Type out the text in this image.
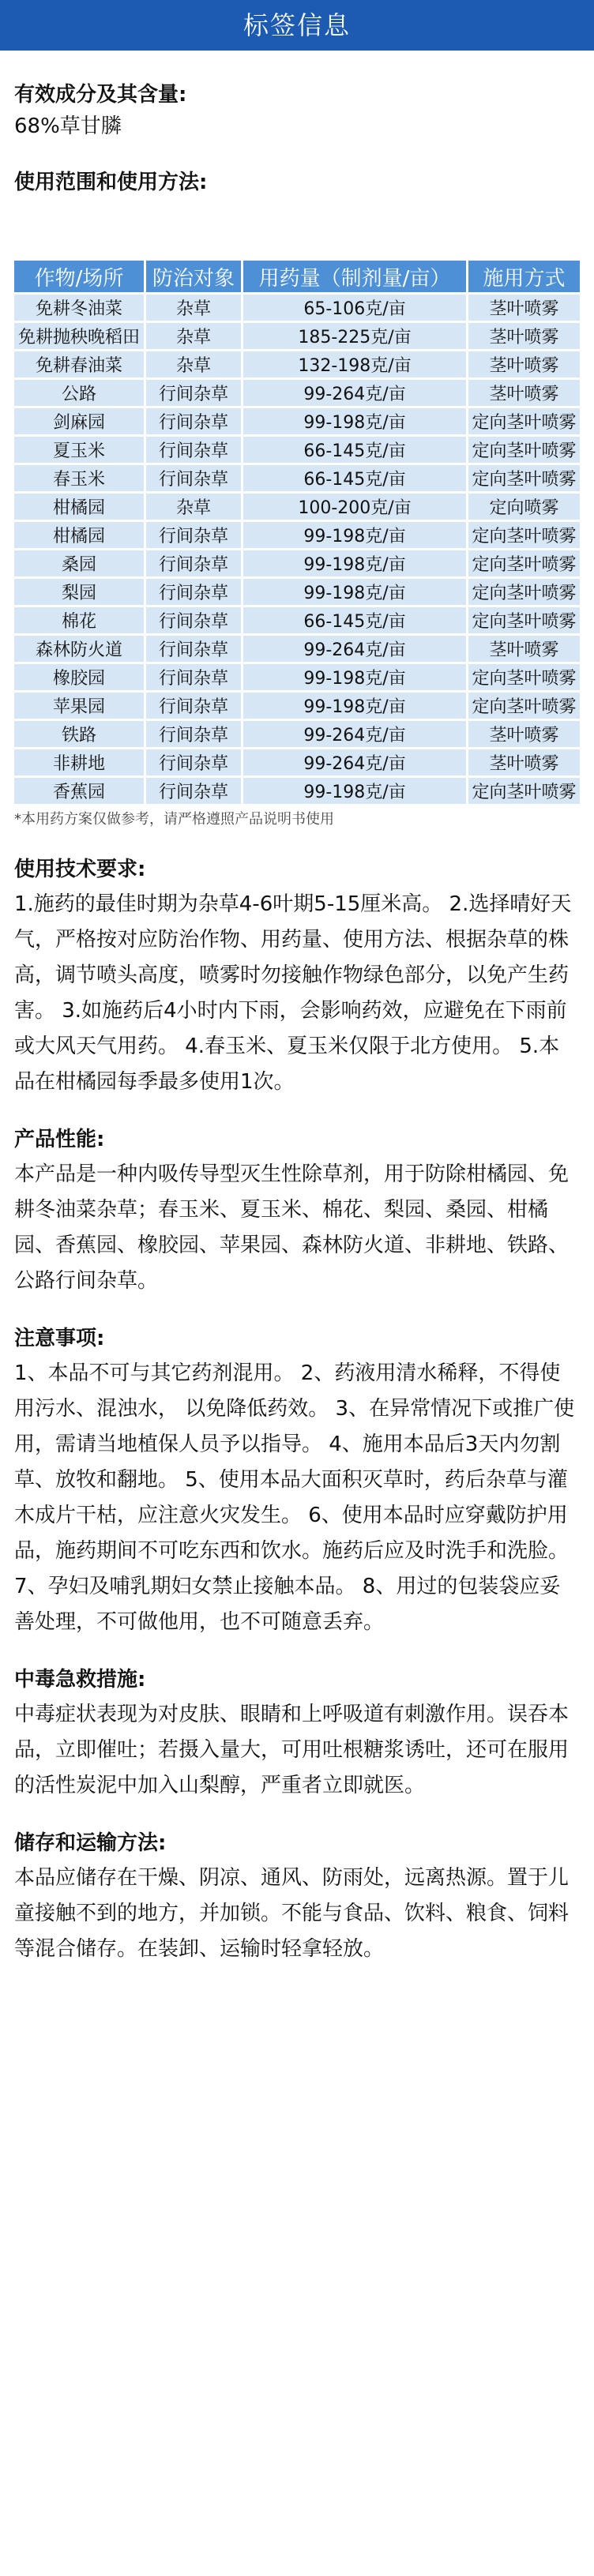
标签信息

有效成分及其含量:

68%草甘膦

使用范围和使用方法:

作物/场所	防治对象	用药量（制剂量/亩）	施用方式
免耕冬油菜	杂草	65-106克/亩	茎叶喷雾
免耕抛秧晚稻田	杂草	185-225克/亩	茎叶喷雾
免耕春油菜	杂草	132-198克/亩	茎叶喷雾
公路	行间杂草	99-264克/亩	茎叶喷雾
剑麻园	行间杂草	99-198克/亩	定向茎叶喷雾
夏玉米	行间杂草	66-145克/亩	定向茎叶喷雾
春玉米	行间杂草	66-145克/亩	定向茎叶喷雾
柑橘园	杂草	100-200克/亩	定向喷雾
柑橘园	行间杂草	99-198克/亩	定向茎叶喷雾
桑园	行间杂草	99-198克/亩	定向茎叶喷雾
梨园	行间杂草	99-198克/亩	定向茎叶喷雾
棉花	行间杂草	66-145克/亩	定向茎叶喷雾
森林防火道	行间杂草	99-264克/亩	茎叶喷雾
橡胶园	行间杂草	99-198克/亩	定向茎叶喷雾
苹果园	行间杂草	99-198克/亩	定向茎叶喷雾
铁路	行间杂草	99-264克/亩	茎叶喷雾
非耕地	行间杂草	99-264克/亩	茎叶喷雾
香蕉园	行间杂草	99-198克/亩	定向茎叶喷雾
*本用药方案仅做参考，请严格遵照产品说明书使用

使用技术要求:

1.施药的最佳时期为杂草4-6叶期5-15厘米高。 2.选择晴好天气，严格按对应防治作物、用药量、使用方法、根据杂草的株高，调节喷头高度，喷雾时勿接触作物绿色部分，以免产生药害。 3.如施药后4小时内下雨，会影响药效，应避免在下雨前或大风天气用药。 4.春玉米、夏玉米仅限于北方使用。 5.本品在柑橘园每季最多使用1次。

产品性能:

本产品是一种内吸传导型灭生性除草剂，用于防除柑橘园、免耕冬油菜杂草；春玉米、夏玉米、棉花、梨园、桑园、柑橘园、香蕉园、橡胶园、苹果园、森林防火道、非耕地、铁路、公路行间杂草。

注意事项:

1、本品不可与其它药剂混用。 2、药液用清水稀释，不得使用污水、混浊水， 以免降低药效。 3、在异常情况下或推广使用，需请当地植保人员予以指导。 4、施用本品后3天内勿割草、放牧和翻地。 5、使用本品大面积灭草时，药后杂草与灌木成片干枯，应注意火灾发生。 6、使用本品时应穿戴防护用品，施药期间不可吃东西和饮水。施药后应及时洗手和洗脸。 7、孕妇及哺乳期妇女禁止接触本品。 8、用过的包装袋应妥善处理，不可做他用，也不可随意丢弃。

中毒急救措施:

中毒症状表现为对皮肤、眼睛和上呼吸道有刺激作用。误吞本品，立即催吐；若摄入量大，可用吐根糖浆诱吐，还可在服用的活性炭泥中加入山梨醇，严重者立即就医。

储存和运输方法:

本品应储存在干燥、阴凉、通风、防雨处，远离热源。置于儿童接触不到的地方，并加锁。不能与食品、饮料、粮食、饲料等混合储存。在装卸、运输时轻拿轻放。
